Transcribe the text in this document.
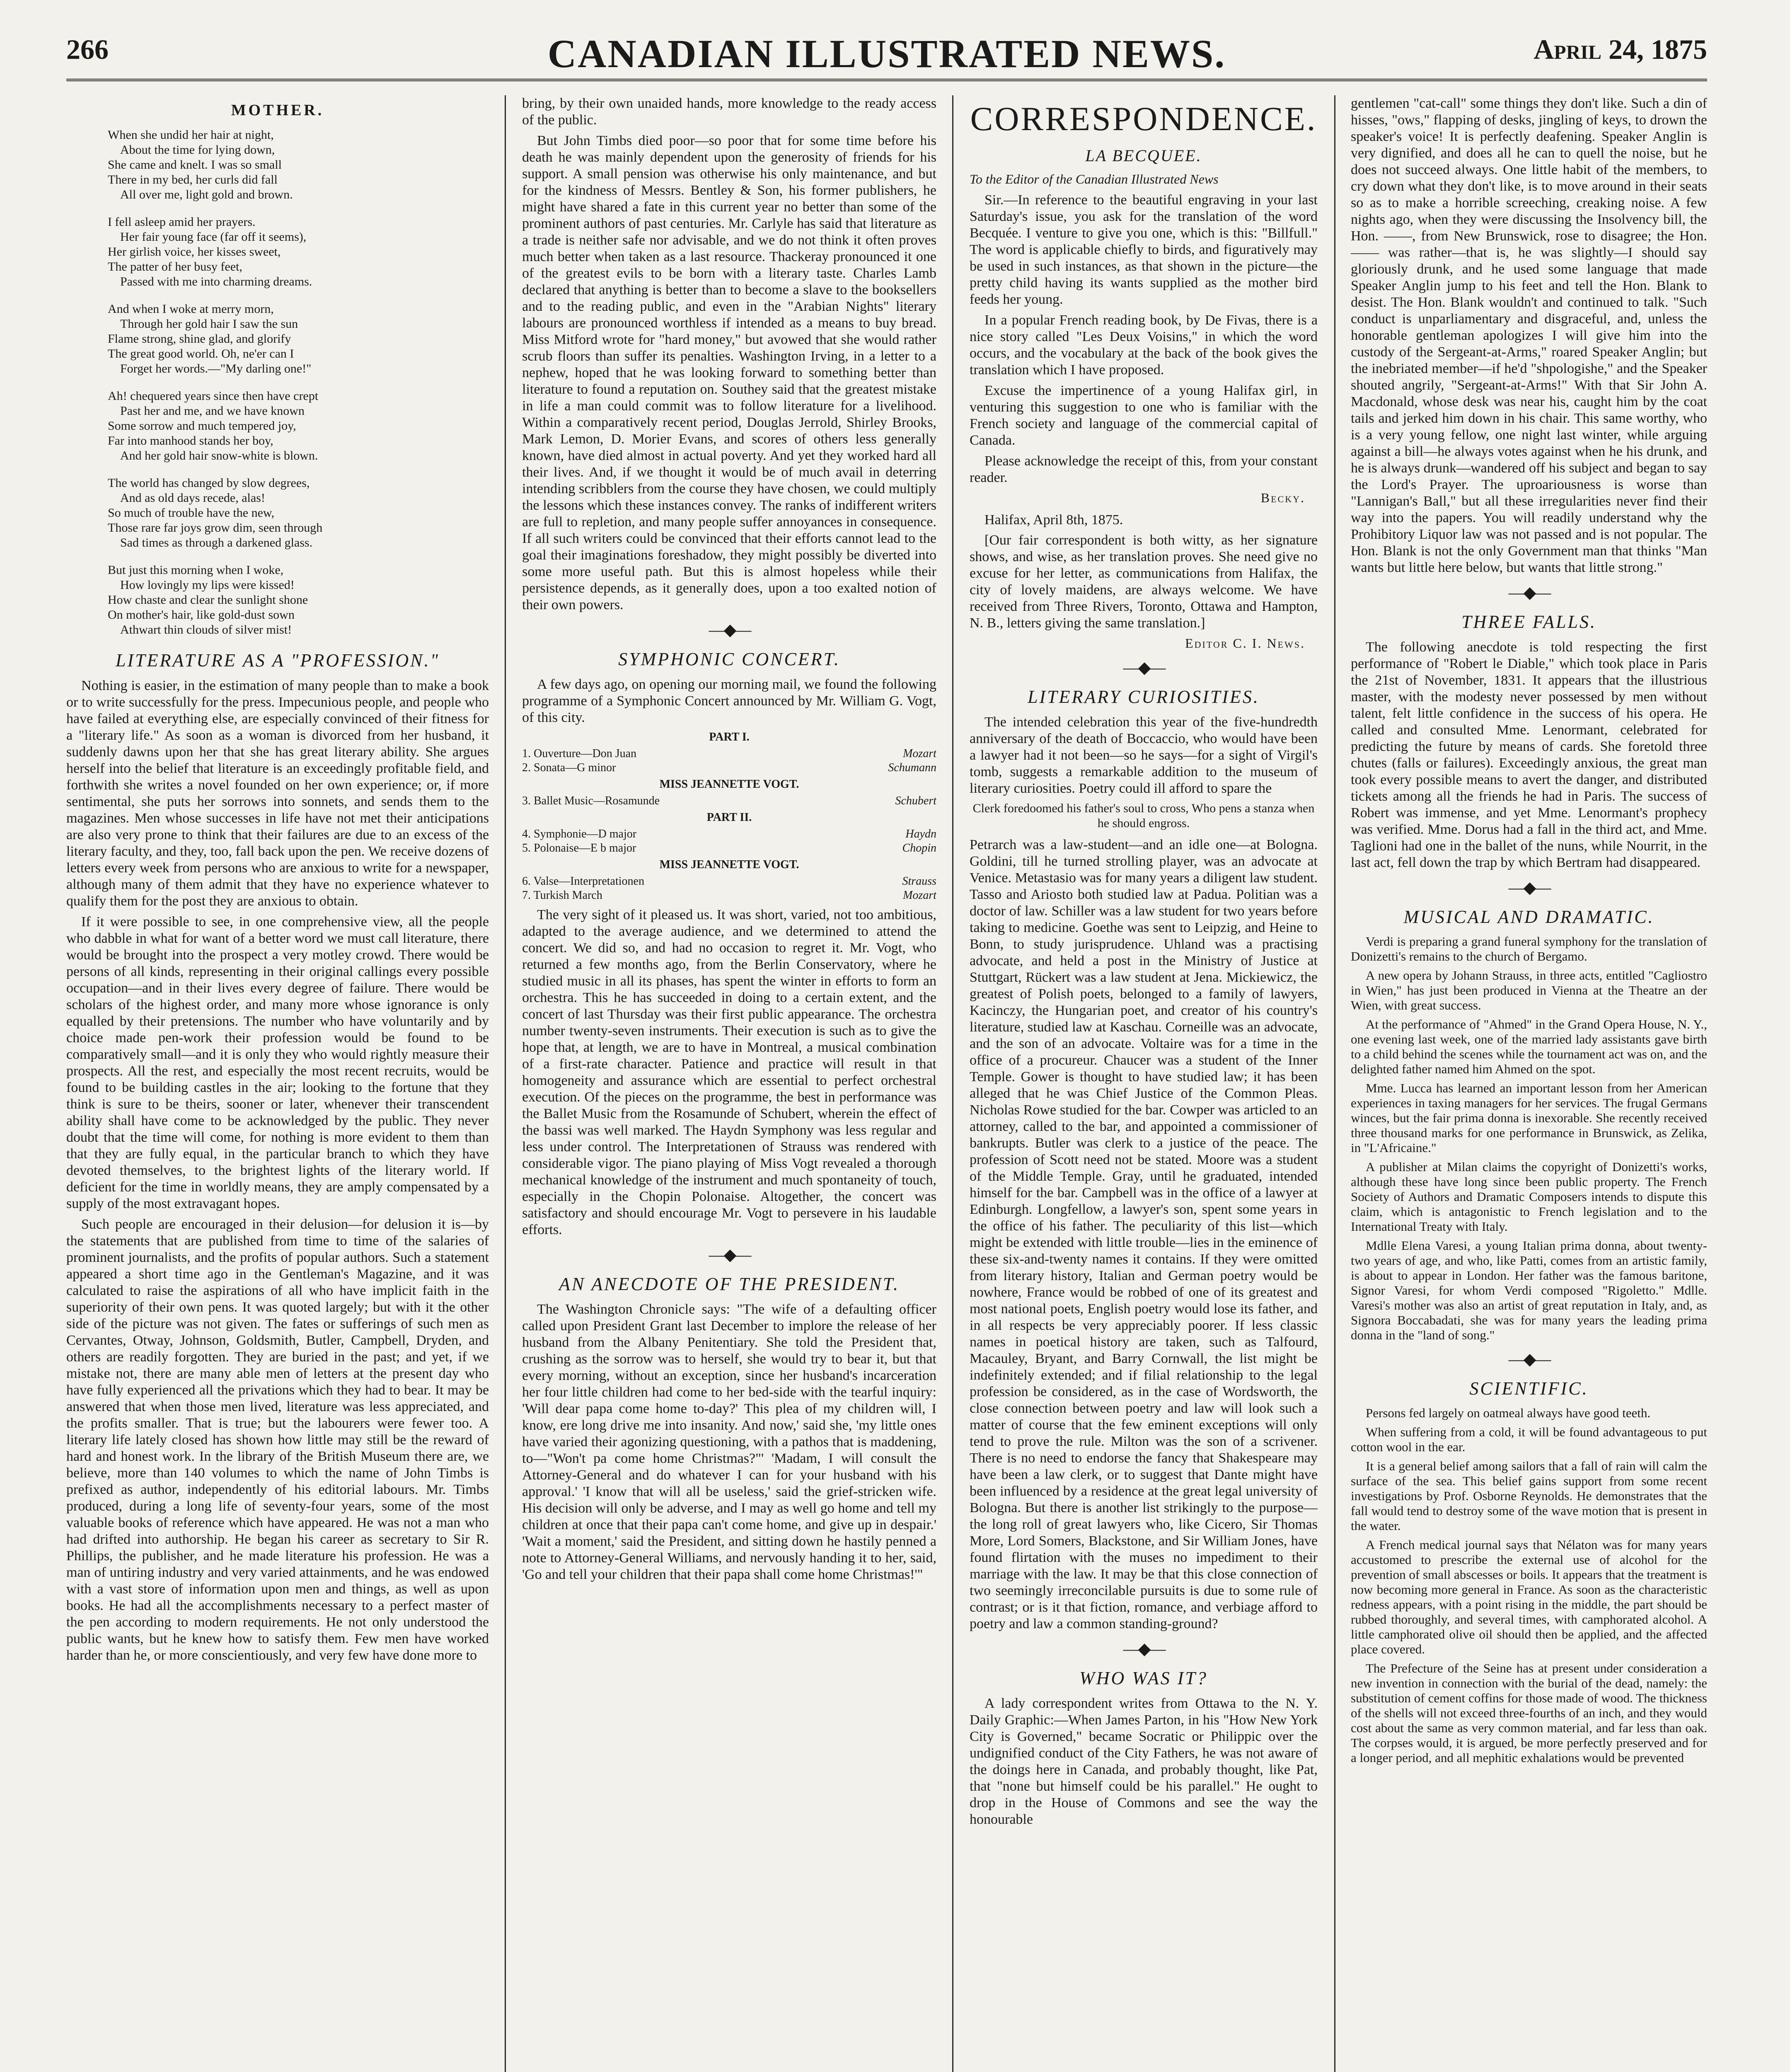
266	CANADIAN ILLUSTRATED NEWS.	April 24, 1875
MOTHER.
When she undid her hair at night,
About the time for lying down,
She came and knelt. I was so small
There in my bed, her curls did fall
All over me, light gold and brown.
I fell asleep amid her prayers.
Her fair young face (far off it seems),
Her girlish voice, her kisses sweet,
The patter of her busy feet,
Passed with me into charming dreams.
And when I woke at merry morn,
Through her gold hair I saw the sun
Flame strong, shine glad, and glorify
The great good world. Oh, ne'er can I
Forget her words.—"My darling one!"
Ah! chequered years since then have crept
Past her and me, and we have known
Some sorrow and much tempered joy,
Far into manhood stands her boy,
And her gold hair snow-white is blown.
The world has changed by slow degrees,
And as old days recede, alas!
So much of trouble have the new,
Those rare far joys grow dim, seen through
Sad times as through a darkened glass.
But just this morning when I woke,
How lovingly my lips were kissed!
How chaste and clear the sunlight shone
On mother's hair, like gold-dust sown
Athwart thin clouds of silver mist!
LITERATURE AS A "PROFESSION."

Nothing is easier, in the estimation of many people than to make a book or to write successfully for the press. Impecunious people, and people who have failed at everything else, are especially convinced of their fitness for a "literary life." As soon as a woman is divorced from her husband, it suddenly dawns upon her that she has great literary ability. She argues herself into the belief that literature is an exceedingly profitable field, and forthwith she writes a novel founded on her own experience; or, if more sentimental, she puts her sorrows into sonnets, and sends them to the magazines. Men whose successes in life have not met their anticipations are also very prone to think that their failures are due to an excess of the literary faculty, and they, too, fall back upon the pen. We receive dozens of letters every week from persons who are anxious to write for a newspaper, although many of them admit that they have no experience whatever to qualify them for the post they are anxious to obtain.

If it were possible to see, in one comprehensive view, all the people who dabble in what for want of a better word we must call literature, there would be brought into the prospect a very motley crowd. There would be persons of all kinds, representing in their original callings every possible occupation—and in their lives every degree of failure. There would be scholars of the highest order, and many more whose ignorance is only equalled by their pretensions. The number who have voluntarily and by choice made pen-work their profession would be found to be comparatively small—and it is only they who would rightly measure their prospects. All the rest, and especially the most recent recruits, would be found to be building castles in the air; looking to the fortune that they think is sure to be theirs, sooner or later, whenever their transcendent ability shall have come to be acknowledged by the public. They never doubt that the time will come, for nothing is more evident to them than that they are fully equal, in the particular branch to which they have devoted themselves, to the brightest lights of the literary world. If deficient for the time in worldly means, they are amply compensated by a supply of the most extravagant hopes.

Such people are encouraged in their delusion—for delusion it is—by the statements that are published from time to time of the salaries of prominent journalists, and the profits of popular authors. Such a statement appeared a short time ago in the Gentleman's Magazine, and it was calculated to raise the aspirations of all who have implicit faith in the superiority of their own pens. It was quoted largely; but with it the other side of the picture was not given. The fates or sufferings of such men as Cervantes, Otway, Johnson, Goldsmith, Butler, Campbell, Dryden, and others are readily forgotten. They are buried in the past; and yet, if we mistake not, there are many able men of letters at the present day who have fully experienced all the privations which they had to bear. It may be answered that when those men lived, literature was less appreciated, and the profits smaller. That is true; but the labourers were fewer too. A literary life lately closed has shown how little may still be the reward of hard and honest work. In the library of the British Museum there are, we believe, more than 140 volumes to which the name of John Timbs is prefixed as author, independently of his editorial labours. Mr. Timbs produced, during a long life of seventy-four years, some of the most valuable books of reference which have appeared. He was not a man who had drifted into authorship. He began his career as secretary to Sir R. Phillips, the publisher, and he made literature his profession. He was a man of untiring industry and very varied attainments, and he was endowed with a vast store of information upon men and things, as well as upon books. He had all the accomplishments necessary to a perfect master of the pen according to modern requirements. He not only understood the public wants, but he knew how to satisfy them. Few men have worked harder than he, or more conscientiously, and very few have done more to

bring, by their own unaided hands, more knowledge to the ready access of the public.

But John Timbs died poor—so poor that for some time before his death he was mainly dependent upon the generosity of friends for his support. A small pension was otherwise his only maintenance, and but for the kindness of Messrs. Bentley & Son, his former publishers, he might have shared a fate in this current year no better than some of the prominent authors of past centuries. Mr. Carlyle has said that literature as a trade is neither safe nor advisable, and we do not think it often proves much better when taken as a last resource. Thackeray pronounced it one of the greatest evils to be born with a literary taste. Charles Lamb declared that anything is better than to become a slave to the booksellers and to the reading public, and even in the "Arabian Nights" literary labours are pronounced worthless if intended as a means to buy bread. Miss Mitford wrote for "hard money," but avowed that she would rather scrub floors than suffer its penalties. Washington Irving, in a letter to a nephew, hoped that he was looking forward to something better than literature to found a reputation on. Southey said that the greatest mistake in life a man could commit was to follow literature for a livelihood. Within a comparatively recent period, Douglas Jerrold, Shirley Brooks, Mark Lemon, D. Morier Evans, and scores of others less generally known, have died almost in actual poverty. And yet they worked hard all their lives. And, if we thought it would be of much avail in deterring intending scribblers from the course they have chosen, we could multiply the lessons which these instances convey. The ranks of indifferent writers are full to repletion, and many people suffer annoyances in consequence. If all such writers could be convinced that their efforts cannot lead to the goal their imaginations foreshadow, they might possibly be diverted into some more useful path. But this is almost hopeless while their persistence depends, as it generally does, upon a too exalted notion of their own powers.

—◆—
SYMPHONIC CONCERT.

A few days ago, on opening our morning mail, we found the following programme of a Symphonic Concert announced by Mr. William G. Vogt, of this city.

PART I.
1. Ouverture—Don Juan	Mozart
2. Sonata—G minor	Schumann
MISS JEANNETTE VOGT.
3. Ballet Music—Rosamunde	Schubert
PART II.
4. Symphonie—D major	Haydn
5. Polonaise—E b major	Chopin
MISS JEANNETTE VOGT.
6. Valse—Interpretationen	Strauss
7. Turkish March	Mozart

The very sight of it pleased us. It was short, varied, not too ambitious, adapted to the average audience, and we determined to attend the concert. We did so, and had no occasion to regret it. Mr. Vogt, who returned a few months ago, from the Berlin Conservatory, where he studied music in all its phases, has spent the winter in efforts to form an orchestra. This he has succeeded in doing to a certain extent, and the concert of last Thursday was their first public appearance. The orchestra number twenty-seven instruments. Their execution is such as to give the hope that, at length, we are to have in Montreal, a musical combination of a first-rate character. Patience and practice will result in that homogeneity and assurance which are essential to perfect orchestral execution. Of the pieces on the programme, the best in performance was the Ballet Music from the Rosamunde of Schubert, wherein the effect of the bassi was well marked. The Haydn Symphony was less regular and less under control. The Interpretationen of Strauss was rendered with considerable vigor. The piano playing of Miss Vogt revealed a thorough mechanical knowledge of the instrument and much spontaneity of touch, especially in the Chopin Polonaise. Altogether, the concert was satisfactory and should encourage Mr. Vogt to persevere in his laudable efforts.

—◆—
AN ANECDOTE OF THE PRESIDENT.

The Washington Chronicle says: "The wife of a defaulting officer called upon President Grant last December to implore the release of her husband from the Albany Penitentiary. She told the President that, crushing as the sorrow was to herself, she would try to bear it, but that every morning, without an exception, since her husband's incarceration her four little children had come to her bed-side with the tearful inquiry: 'Will dear papa come home to-day?' This plea of my children will, I know, ere long drive me into insanity. And now,' said she, 'my little ones have varied their agonizing questioning, with a pathos that is maddening, to—"Won't pa come home Christmas?"' 'Madam, I will consult the Attorney-General and do whatever I can for your husband with his approval.' 'I know that will all be useless,' said the grief-stricken wife. His decision will only be adverse, and I may as well go home and tell my children at once that their papa can't come home, and give up in despair.' 'Wait a moment,' said the President, and sitting down he hastily penned a note to Attorney-General Williams, and nervously handing it to her, said, 'Go and tell your children that their papa shall come home Christmas!'"

CORRESPONDENCE.
LA BECQUEE.
To the Editor of the Canadian Illustrated News

Sir.—In reference to the beautiful engraving in your last Saturday's issue, you ask for the translation of the word Becquée. I venture to give you one, which is this: "Billfull." The word is applicable chiefly to birds, and figuratively may be used in such instances, as that shown in the picture—the pretty child having its wants supplied as the mother bird feeds her young.

In a popular French reading book, by De Fivas, there is a nice story called "Les Deux Voisins," in which the word occurs, and the vocabulary at the back of the book gives the translation which I have proposed.

Excuse the impertinence of a young Halifax girl, in venturing this suggestion to one who is familiar with the French society and language of the commercial capital of Canada.

Please acknowledge the receipt of this, from your constant reader.

Becky.
Halifax, April 8th, 1875.

[Our fair correspondent is both witty, as her signature shows, and wise, as her translation proves. She need give no excuse for her letter, as communications from Halifax, the city of lovely maidens, are always welcome. We have received from Three Rivers, Toronto, Ottawa and Hampton, N. B., letters giving the same translation.]

Editor C. I. News.
—◆—
LITERARY CURIOSITIES.

The intended celebration this year of the five-hundredth anniversary of the death of Boccaccio, who would have been a lawyer had it not been—so he says—for a sight of Virgil's tomb, suggests a remarkable addition to the museum of literary curiosities. Poetry could ill afford to spare the

Clerk foredoomed his father's soul to cross, Who pens a stanza when he should engross.

Petrarch was a law-student—and an idle one—at Bologna. Goldini, till he turned strolling player, was an advocate at Venice. Metastasio was for many years a diligent law student. Tasso and Ariosto both studied law at Padua. Politian was a doctor of law. Schiller was a law student for two years before taking to medicine. Goethe was sent to Leipzig, and Heine to Bonn, to study jurisprudence. Uhland was a practising advocate, and held a post in the Ministry of Justice at Stuttgart, Rückert was a law student at Jena. Mickiewicz, the greatest of Polish poets, belonged to a family of lawyers, Kacinczy, the Hungarian poet, and creator of his country's literature, studied law at Kaschau. Corneille was an advocate, and the son of an advocate. Voltaire was for a time in the office of a procureur. Chaucer was a student of the Inner Temple. Gower is thought to have studied law; it has been alleged that he was Chief Justice of the Common Pleas. Nicholas Rowe studied for the bar. Cowper was articled to an attorney, called to the bar, and appointed a commissioner of bankrupts. Butler was clerk to a justice of the peace. The profession of Scott need not be stated. Moore was a student of the Middle Temple. Gray, until he graduated, intended himself for the bar. Campbell was in the office of a lawyer at Edinburgh. Longfellow, a lawyer's son, spent some years in the office of his father. The peculiarity of this list—which might be extended with little trouble—lies in the eminence of these six-and-twenty names it contains. If they were omitted from literary history, Italian and German poetry would be nowhere, France would be robbed of one of its greatest and most national poets, English poetry would lose its father, and in all respects be very appreciably poorer. If less classic names in poetical history are taken, such as Talfourd, Macauley, Bryant, and Barry Cornwall, the list might be indefinitely extended; and if filial relationship to the legal profession be considered, as in the case of Wordsworth, the close connection between poetry and law will look such a matter of course that the few eminent exceptions will only tend to prove the rule. Milton was the son of a scrivener. There is no need to endorse the fancy that Shakespeare may have been a law clerk, or to suggest that Dante might have been influenced by a residence at the great legal university of Bologna. But there is another list strikingly to the purpose—the long roll of great lawyers who, like Cicero, Sir Thomas More, Lord Somers, Blackstone, and Sir William Jones, have found flirtation with the muses no impediment to their marriage with the law. It may be that this close connection of two seemingly irreconcilable pursuits is due to some rule of contrast; or is it that fiction, romance, and verbiage afford to poetry and law a common standing-ground?

—◆—
WHO WAS IT?

A lady correspondent writes from Ottawa to the N. Y. Daily Graphic:—When James Parton, in his "How New York City is Governed," became Socratic or Philippic over the undignified conduct of the City Fathers, he was not aware of the doings here in Canada, and probably thought, like Pat, that "none but himself could be his parallel." He ought to drop in the House of Commons and see the way the honourable

gentlemen "cat-call" some things they don't like. Such a din of hisses, "ows," flapping of desks, jingling of keys, to drown the speaker's voice! It is perfectly deafening. Speaker Anglin is very dignified, and does all he can to quell the noise, but he does not succeed always. One little habit of the members, to cry down what they don't like, is to move around in their seats so as to make a horrible screeching, creaking noise. A few nights ago, when they were discussing the Insolvency bill, the Hon. ——, from New Brunswick, rose to disagree; the Hon. —— was rather—that is, he was slightly—I should say gloriously drunk, and he used some language that made Speaker Anglin jump to his feet and tell the Hon. Blank to desist. The Hon. Blank wouldn't and continued to talk. "Such conduct is unparliamentary and disgraceful, and, unless the honorable gentleman apologizes I will give him into the custody of the Sergeant-at-Arms," roared Speaker Anglin; but the inebriated member—if he'd "shpologishe," and the Speaker shouted angrily, "Sergeant-at-Arms!" With that Sir John A. Macdonald, whose desk was near his, caught him by the coat tails and jerked him down in his chair. This same worthy, who is a very young fellow, one night last winter, while arguing against a bill—he always votes against when he his drunk, and he is always drunk—wandered off his subject and began to say the Lord's Prayer. The uproariousness is worse than "Lannigan's Ball," but all these irregularities never find their way into the papers. You will readily understand why the Prohibitory Liquor law was not passed and is not popular. The Hon. Blank is not the only Government man that thinks "Man wants but little here below, but wants that little strong."

—◆—
THREE FALLS.

The following anecdote is told respecting the first performance of "Robert le Diable," which took place in Paris the 21st of November, 1831. It appears that the illustrious master, with the modesty never possessed by men without talent, felt little confidence in the success of his opera. He called and consulted Mme. Lenormant, celebrated for predicting the future by means of cards. She foretold three chutes (falls or failures). Exceedingly anxious, the great man took every possible means to avert the danger, and distributed tickets among all the friends he had in Paris. The success of Robert was immense, and yet Mme. Lenormant's prophecy was verified. Mme. Dorus had a fall in the third act, and Mme. Taglioni had one in the ballet of the nuns, while Nourrit, in the last act, fell down the trap by which Bertram had disappeared.

—◆—
MUSICAL AND DRAMATIC.

Verdi is preparing a grand funeral symphony for the translation of Donizetti's remains to the church of Bergamo.

A new opera by Johann Strauss, in three acts, entitled "Cagliostro in Wien," has just been produced in Vienna at the Theatre an der Wien, with great success.

At the performance of "Ahmed" in the Grand Opera House, N. Y., one evening last week, one of the married lady assistants gave birth to a child behind the scenes while the tournament act was on, and the delighted father named him Ahmed on the spot.

Mme. Lucca has learned an important lesson from her American experiences in taxing managers for her services. The frugal Germans winces, but the fair prima donna is inexorable. She recently received three thousand marks for one performance in Brunswick, as Zelika, in "L'Africaine."

A publisher at Milan claims the copyright of Donizetti's works, although these have long since been public property. The French Society of Authors and Dramatic Composers intends to dispute this claim, which is antagonistic to French legislation and to the International Treaty with Italy.

Mdlle Elena Varesi, a young Italian prima donna, about twenty-two years of age, and who, like Patti, comes from an artistic family, is about to appear in London. Her father was the famous baritone, Signor Varesi, for whom Verdi composed "Rigoletto." Mdlle. Varesi's mother was also an artist of great reputation in Italy, and, as Signora Boccabadati, she was for many years the leading prima donna in the "land of song."

—◆—
SCIENTIFIC.

Persons fed largely on oatmeal always have good teeth.

When suffering from a cold, it will be found advantageous to put cotton wool in the ear.

It is a general belief among sailors that a fall of rain will calm the surface of the sea. This belief gains support from some recent investigations by Prof. Osborne Reynolds. He demonstrates that the fall would tend to destroy some of the wave motion that is present in the water.

A French medical journal says that Nélaton was for many years accustomed to prescribe the external use of alcohol for the prevention of small abscesses or boils. It appears that the treatment is now becoming more general in France. As soon as the characteristic redness appears, with a point rising in the middle, the part should be rubbed thoroughly, and several times, with camphorated alcohol. A little camphorated olive oil should then be applied, and the affected place covered.

The Prefecture of the Seine has at present under consideration a new invention in connection with the burial of the dead, namely: the substitution of cement coffins for those made of wood. The thickness of the shells will not exceed three-fourths of an inch, and they would cost about the same as very common material, and far less than oak. The corpses would, it is argued, be more perfectly preserved and for a longer period, and all mephitic exhalations would be prevented
